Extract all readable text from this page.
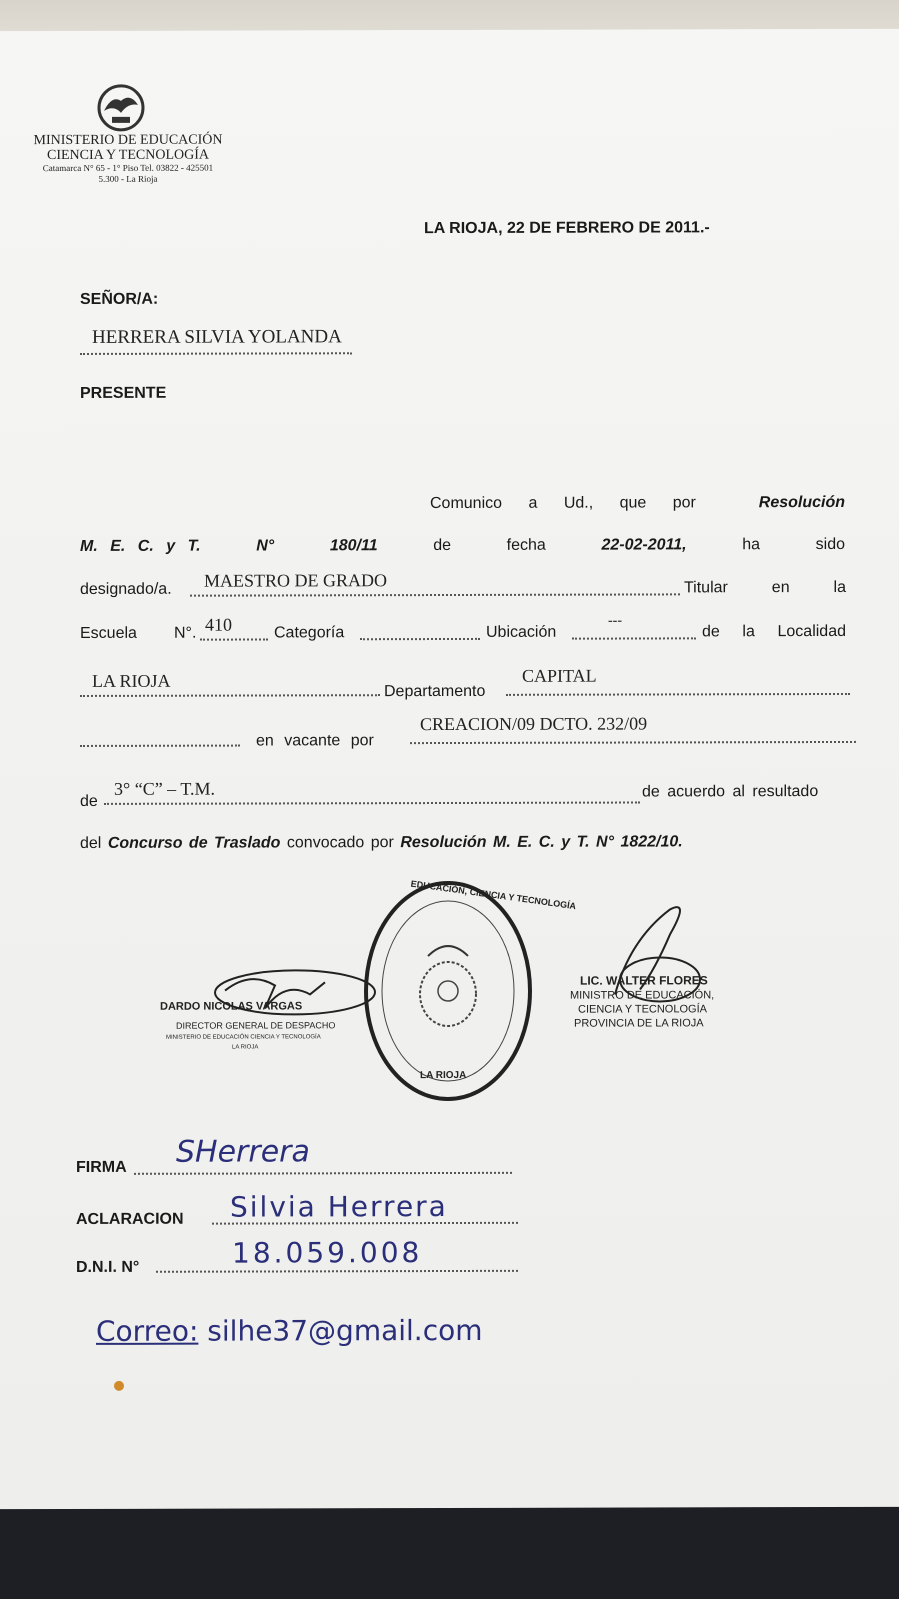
MINISTERIO DE EDUCACIÓN
CIENCIA Y TECNOLOGÍA
Catamarca N° 65 - 1° Piso Tel. 03822 - 425501
5.300 - La Rioja
LA RIOJA, 22 DE FEBRERO DE 2011.-
SEÑOR/A:
HERRERA SILVIA YOLANDA
PRESENTE
Comunico a Ud., que por	Resolución
M. E. C. y T.	N°	180/11	de	fecha	22-02-2011,	ha	sido
designado/a. MAESTRO DE GRADO	Titular	en	la
Escuela N°. 410	Categoría	Ubicación
---
de la Localidad
LA RIOJA
Departamento
CAPITAL
en vacante por
CREACION/09 DCTO. 232/09
de
3° “C” – T.M.	de acuerdo al resultado
del Concurso de Traslado convocado por Resolución M. E. C. y T. N° 1822/10.
DARDO NICOLAS VARGAS
DIRECTOR GENERAL DE DESPACHO
MINISTERIO DE EDUCACIÓN CIENCIA Y TECNOLOGÍA
LA RIOJA
EDUCACIÓN, CIENCIA Y TECNOLOGÍA
LA RIOJA
LIC. WALTER FLORES
MINISTRO DE EDUCACIÓN,
CIENCIA Y TECNOLOGÍA
PROVINCIA DE LA RIOJA
FIRMA SHerrera
ACLARACION Silvia Herrera
D.N.I. N°	18.059.008
Correo: silhe37@gmail.com
